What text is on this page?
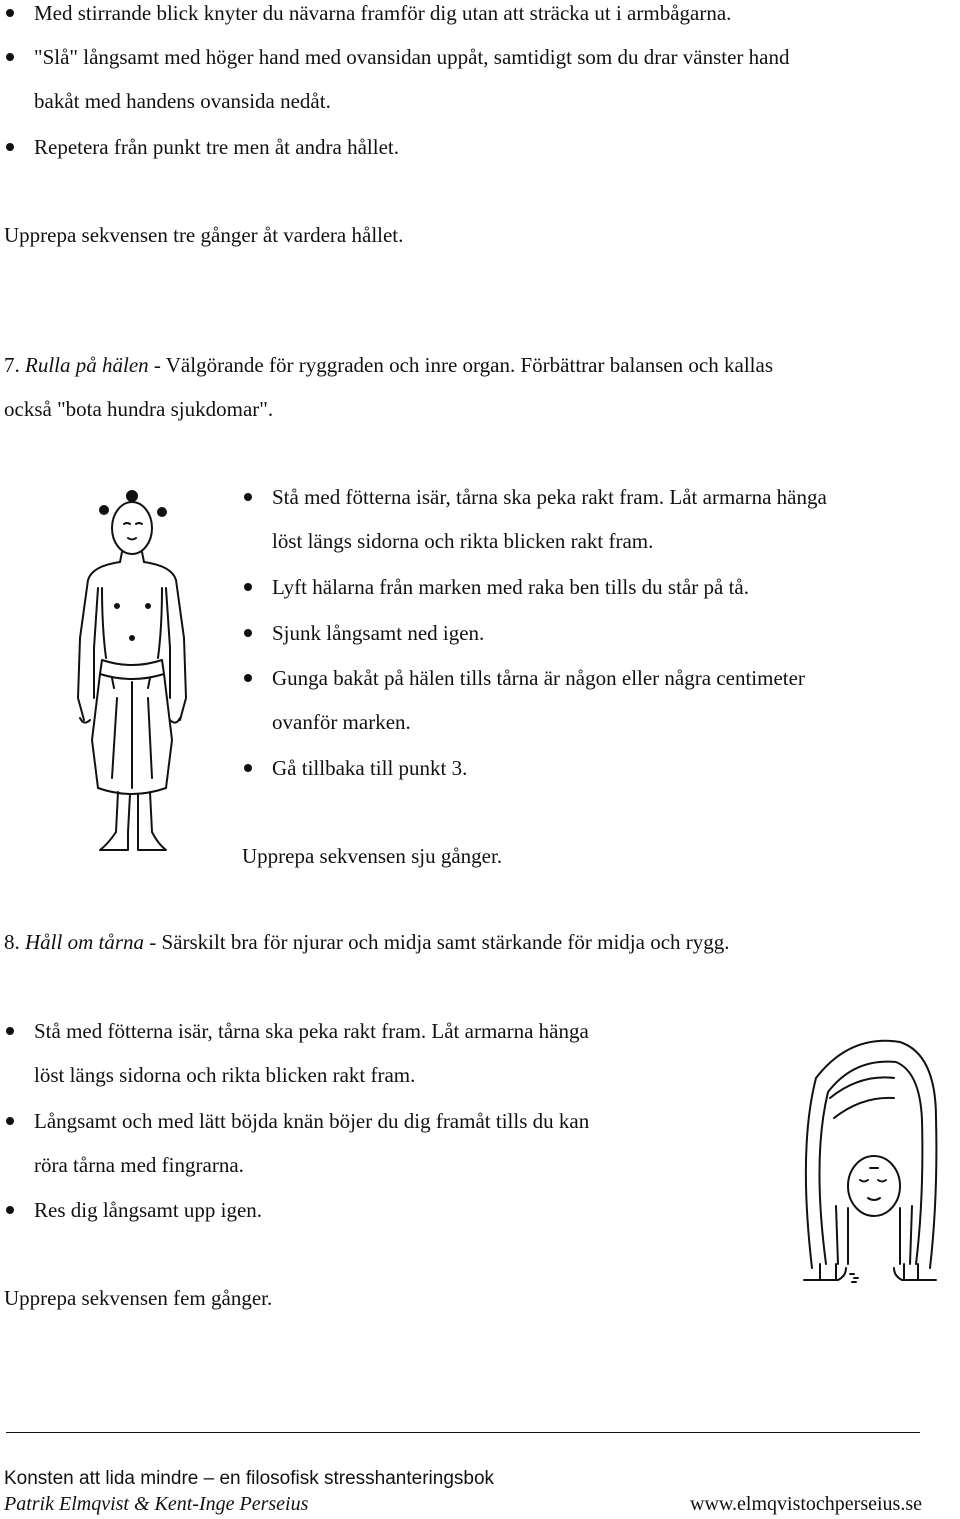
Med stirrande blick knyter du nävarna framför dig utan att sträcka ut i armbågarna.
"Slå" långsamt med höger hand med ovansidan uppåt, samtidigt som du drar vänster hand
bakåt med handens ovansida nedåt.
Repetera från punkt tre men åt andra hållet.
Upprepa sekvensen tre gånger åt vardera hållet.
7. Rulla på hälen - Välgörande för ryggraden och inre organ. Förbättrar balansen och kallas
också "bota hundra sjukdomar".
Stå med fötterna isär, tårna ska peka rakt fram. Låt armarna hänga
löst längs sidorna och rikta blicken rakt fram.
Lyft hälarna från marken med raka ben tills du står på tå.
Sjunk långsamt ned igen.
Gunga bakåt på hälen tills tårna är någon eller några centimeter
ovanför marken.
Gå tillbaka till punkt 3.
Upprepa sekvensen sju gånger.
8. Håll om tårna - Särskilt bra för njurar och midja samt stärkande för midja och rygg.
Stå med fötterna isär, tårna ska peka rakt fram. Låt armarna hänga
löst längs sidorna och rikta blicken rakt fram.
Långsamt och med lätt böjda knän böjer du dig framåt tills du kan
röra tårna med fingrarna.
Res dig långsamt upp igen.
Upprepa sekvensen fem gånger.
Konsten att lida mindre – en filosofisk stresshanteringsbok
Patrik Elmqvist & Kent-Inge Perseius	www.elmqvistochperseius.se
